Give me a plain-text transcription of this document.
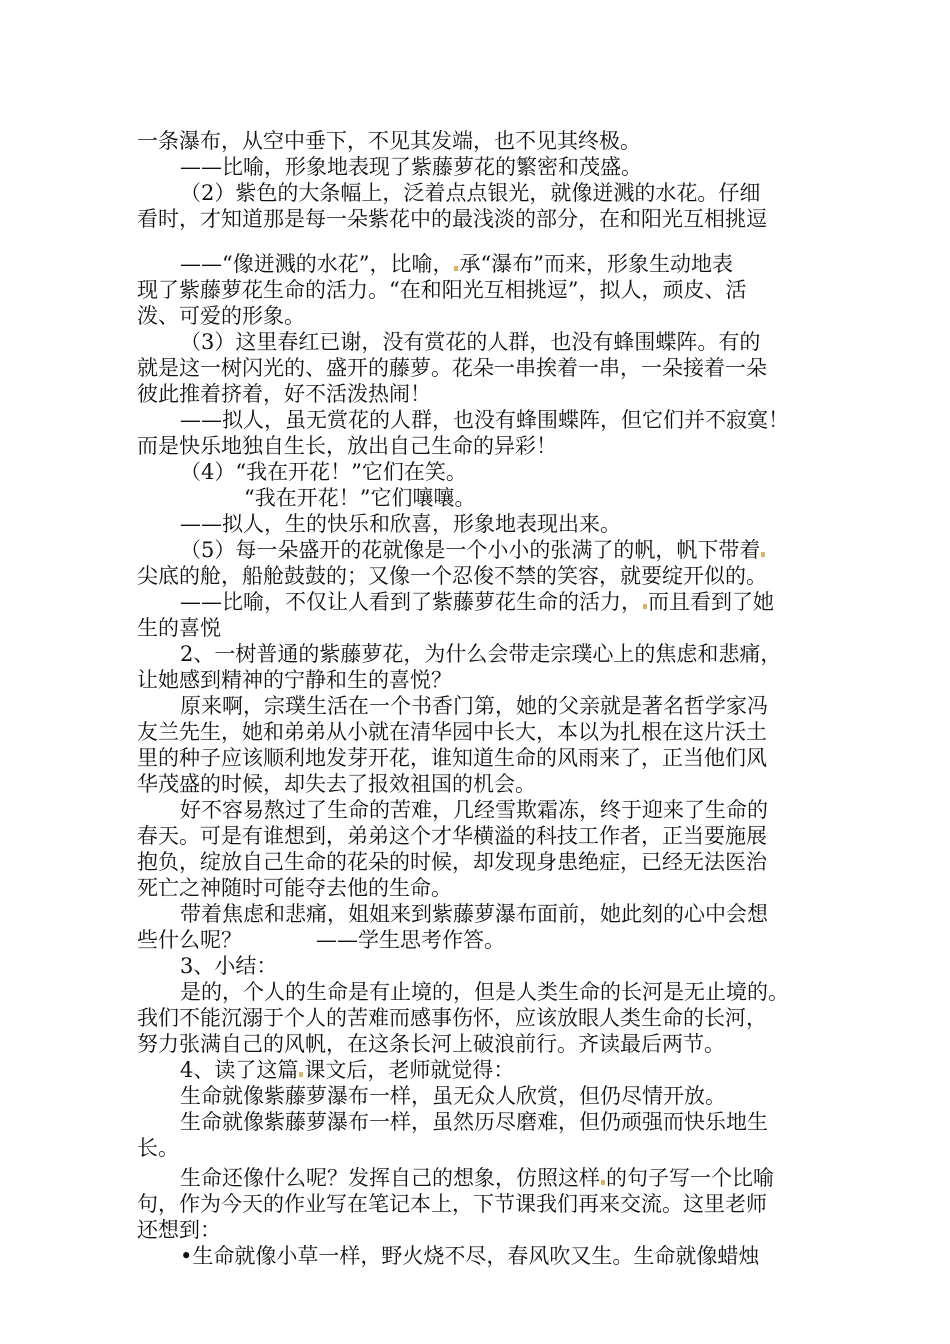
一条瀑布，从空中垂下，不见其发端，也不见其终极。
——比喻，形象地表现了紫藤萝花的繁密和茂盛。
（2）紫色的大条幅上，泛着点点银光，就像迸溅的水花。仔细
看时，才知道那是每一朵紫花中的最浅淡的部分，在和阳光互相挑逗
——“像迸溅的水花”，比喻， 承“瀑布”而来，形象生动地表
现了紫藤萝花生命的活力。“在和阳光互相挑逗”，拟人，顽皮、活
泼、可爱的形象。
（3）这里春红已谢，没有赏花的人群，也没有蜂围蝶阵。有的
就是这一树闪光的、盛开的藤萝。花朵一串挨着一串，一朵接着一朵
彼此推着挤着，好不活泼热闹！
——拟人，虽无赏花的人群，也没有蜂围蝶阵，但它们并不寂寞！
而是快乐地独自生长，放出自己生命的异彩！
（4）“我在开花！”它们在笑。
“我在开花！”它们嚷嚷。
——拟人，生的快乐和欣喜，形象地表现出来。
（5）每一朵盛开的花就像是一个小小的张满了的帆，帆下带着
尖底的舱，船舱鼓鼓的；又像一个忍俊不禁的笑容，就要绽开似的。
——比喻，不仅让人看到了紫藤萝花生命的活力， 而且看到了她
生的喜悦
2、一树普通的紫藤萝花，为什么会带走宗璞心上的焦虑和悲痛，
让她感到精神的宁静和生的喜悦？
原来啊，宗璞生活在一个书香门第，她的父亲就是著名哲学家冯
友兰先生，她和弟弟从小就在清华园中长大，本以为扎根在这片沃土
里的种子应该顺利地发芽开花，谁知道生命的风雨来了，正当他们风
华茂盛的时候，却失去了报效祖国的机会。
好不容易熬过了生命的苦难，几经雪欺霜冻，终于迎来了生命的
春天。可是有谁想到，弟弟这个才华横溢的科技工作者，正当要施展
抱负，绽放自己生命的花朵的时候，却发现身患绝症，已经无法医治
死亡之神随时可能夺去他的生命。
带着焦虑和悲痛，姐姐来到紫藤萝瀑布面前，她此刻的心中会想
些什么呢？	——学生思考作答。
3、小结：
是的，个人的生命是有止境的，但是人类生命的长河是无止境的。
我们不能沉溺于个人的苦难而感事伤怀，应该放眼人类生命的长河，
努力张满自己的风帆，在这条长河上破浪前行。齐读最后两节。
4、读了这篇 课文后，老师就觉得：
生命就像紫藤萝瀑布一样，虽无众人欣赏，但仍尽情开放。
生命就像紫藤萝瀑布一样，虽然历尽磨难，但仍顽强而快乐地生
长。
生命还像什么呢？发挥自己的想象，仿照这样 的句子写一个比喻
句，作为今天的作业写在笔记本上，下节课我们再来交流。这里老师
还想到：
•生命就像小草一样，野火烧不尽，春风吹又生。生命就像蜡烛
